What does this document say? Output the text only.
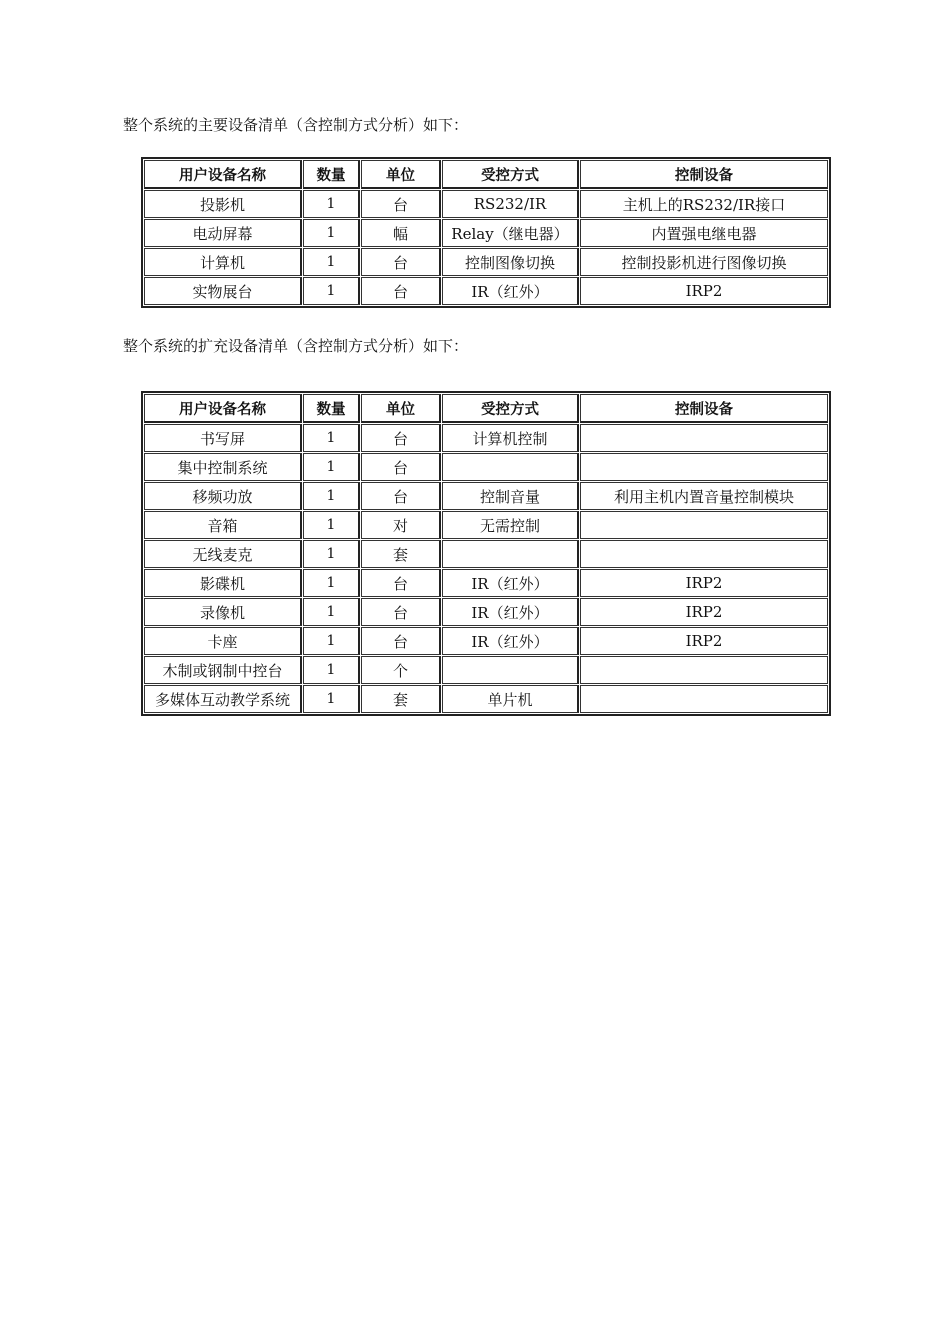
整个系统的主要设备清单（含控制方式分析）如下：
用户设备名称	数量	单位	受控方式	控制设备
投影机	1	台	RS232/IR	主机上的RS232/IR接口
电动屏幕	1	幅	Relay（继电器）	内置强电继电器
计算机	1	台	控制图像切换	控制投影机进行图像切换
实物展台	1	台	IR（红外）	IRP2
整个系统的扩充设备清单（含控制方式分析）如下：
用户设备名称	数量	单位	受控方式	控制设备
书写屏	1	台	计算机控制	
集中控制系统	1	台		
移频功放	1	台	控制音量	利用主机内置音量控制模块
音箱	1	对	无需控制	
无线麦克	1	套		
影碟机	1	台	IR（红外）	IRP2
录像机	1	台	IR（红外）	IRP2
卡座	1	台	IR（红外）	IRP2
木制或钢制中控台	1	个		
多媒体互动教学系统	1	套	单片机	
